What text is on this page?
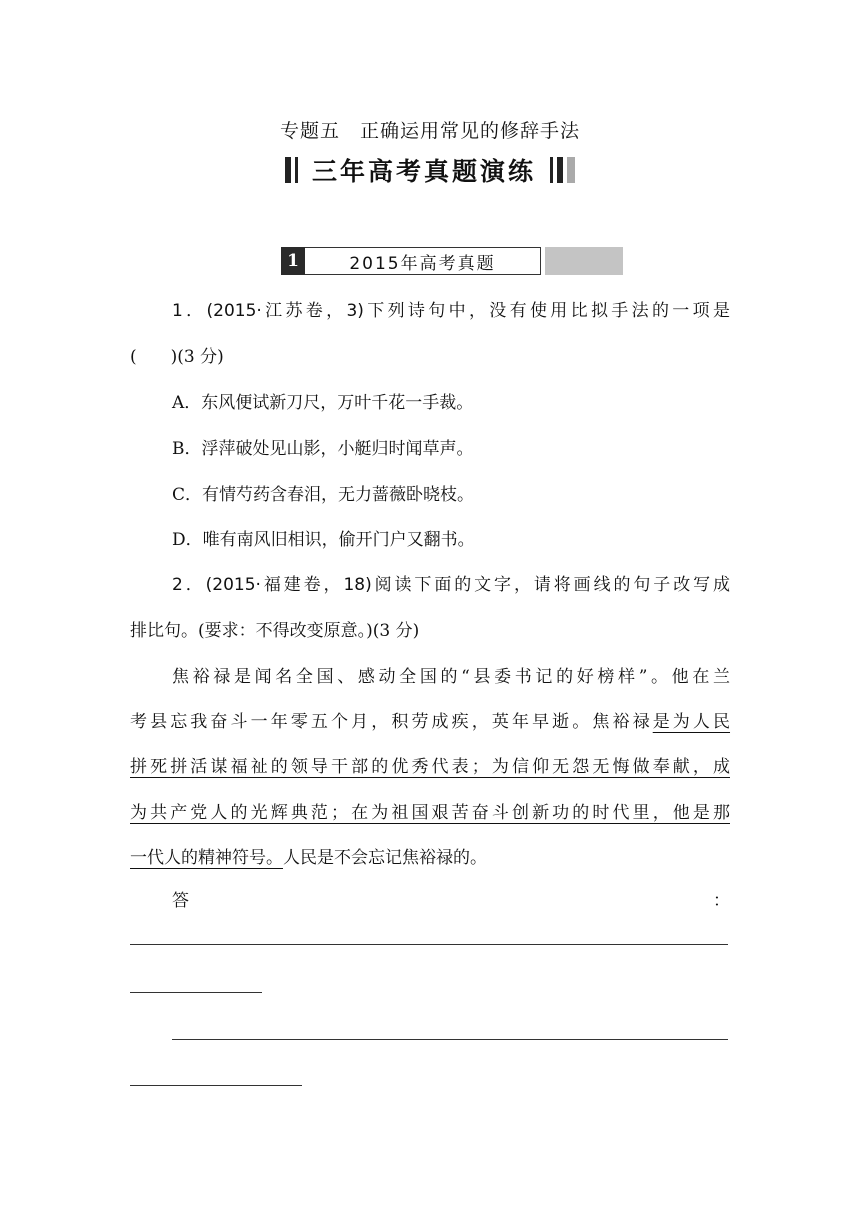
专题五　正确运用常见的修辞手法
三年高考真题演练
1	2015年高考真题
1．(2015·江苏卷，3)下列诗句中，没有使用比拟手法的一项是
(　　)(3 分)
A．东风便试新刀尺，万叶千花一手裁。
B．浮萍破处见山影，小艇归时闻草声。
C．有情芍药含春泪，无力蔷薇卧晓枝。
D．唯有南风旧相识，偷开门户又翻书。
2．(2015·福建卷，18)阅读下面的文字，请将画线的句子改写成
排比句。(要求：不得改变原意。)(3 分)
焦裕禄是闻名全国、感动全国的“县委书记的好榜样”。他在兰
考县忘我奋斗一年零五个月，积劳成疾，英年早逝。焦裕禄是为人民
拼死拼活谋福祉的领导干部的优秀代表；为信仰无怨无悔做奉献，成
为共产党人的光辉典范；在为祖国艰苦奋斗创新功的时代里，他是那
一代人的精神符号。人民是不会忘记焦裕禄的。
答	：
